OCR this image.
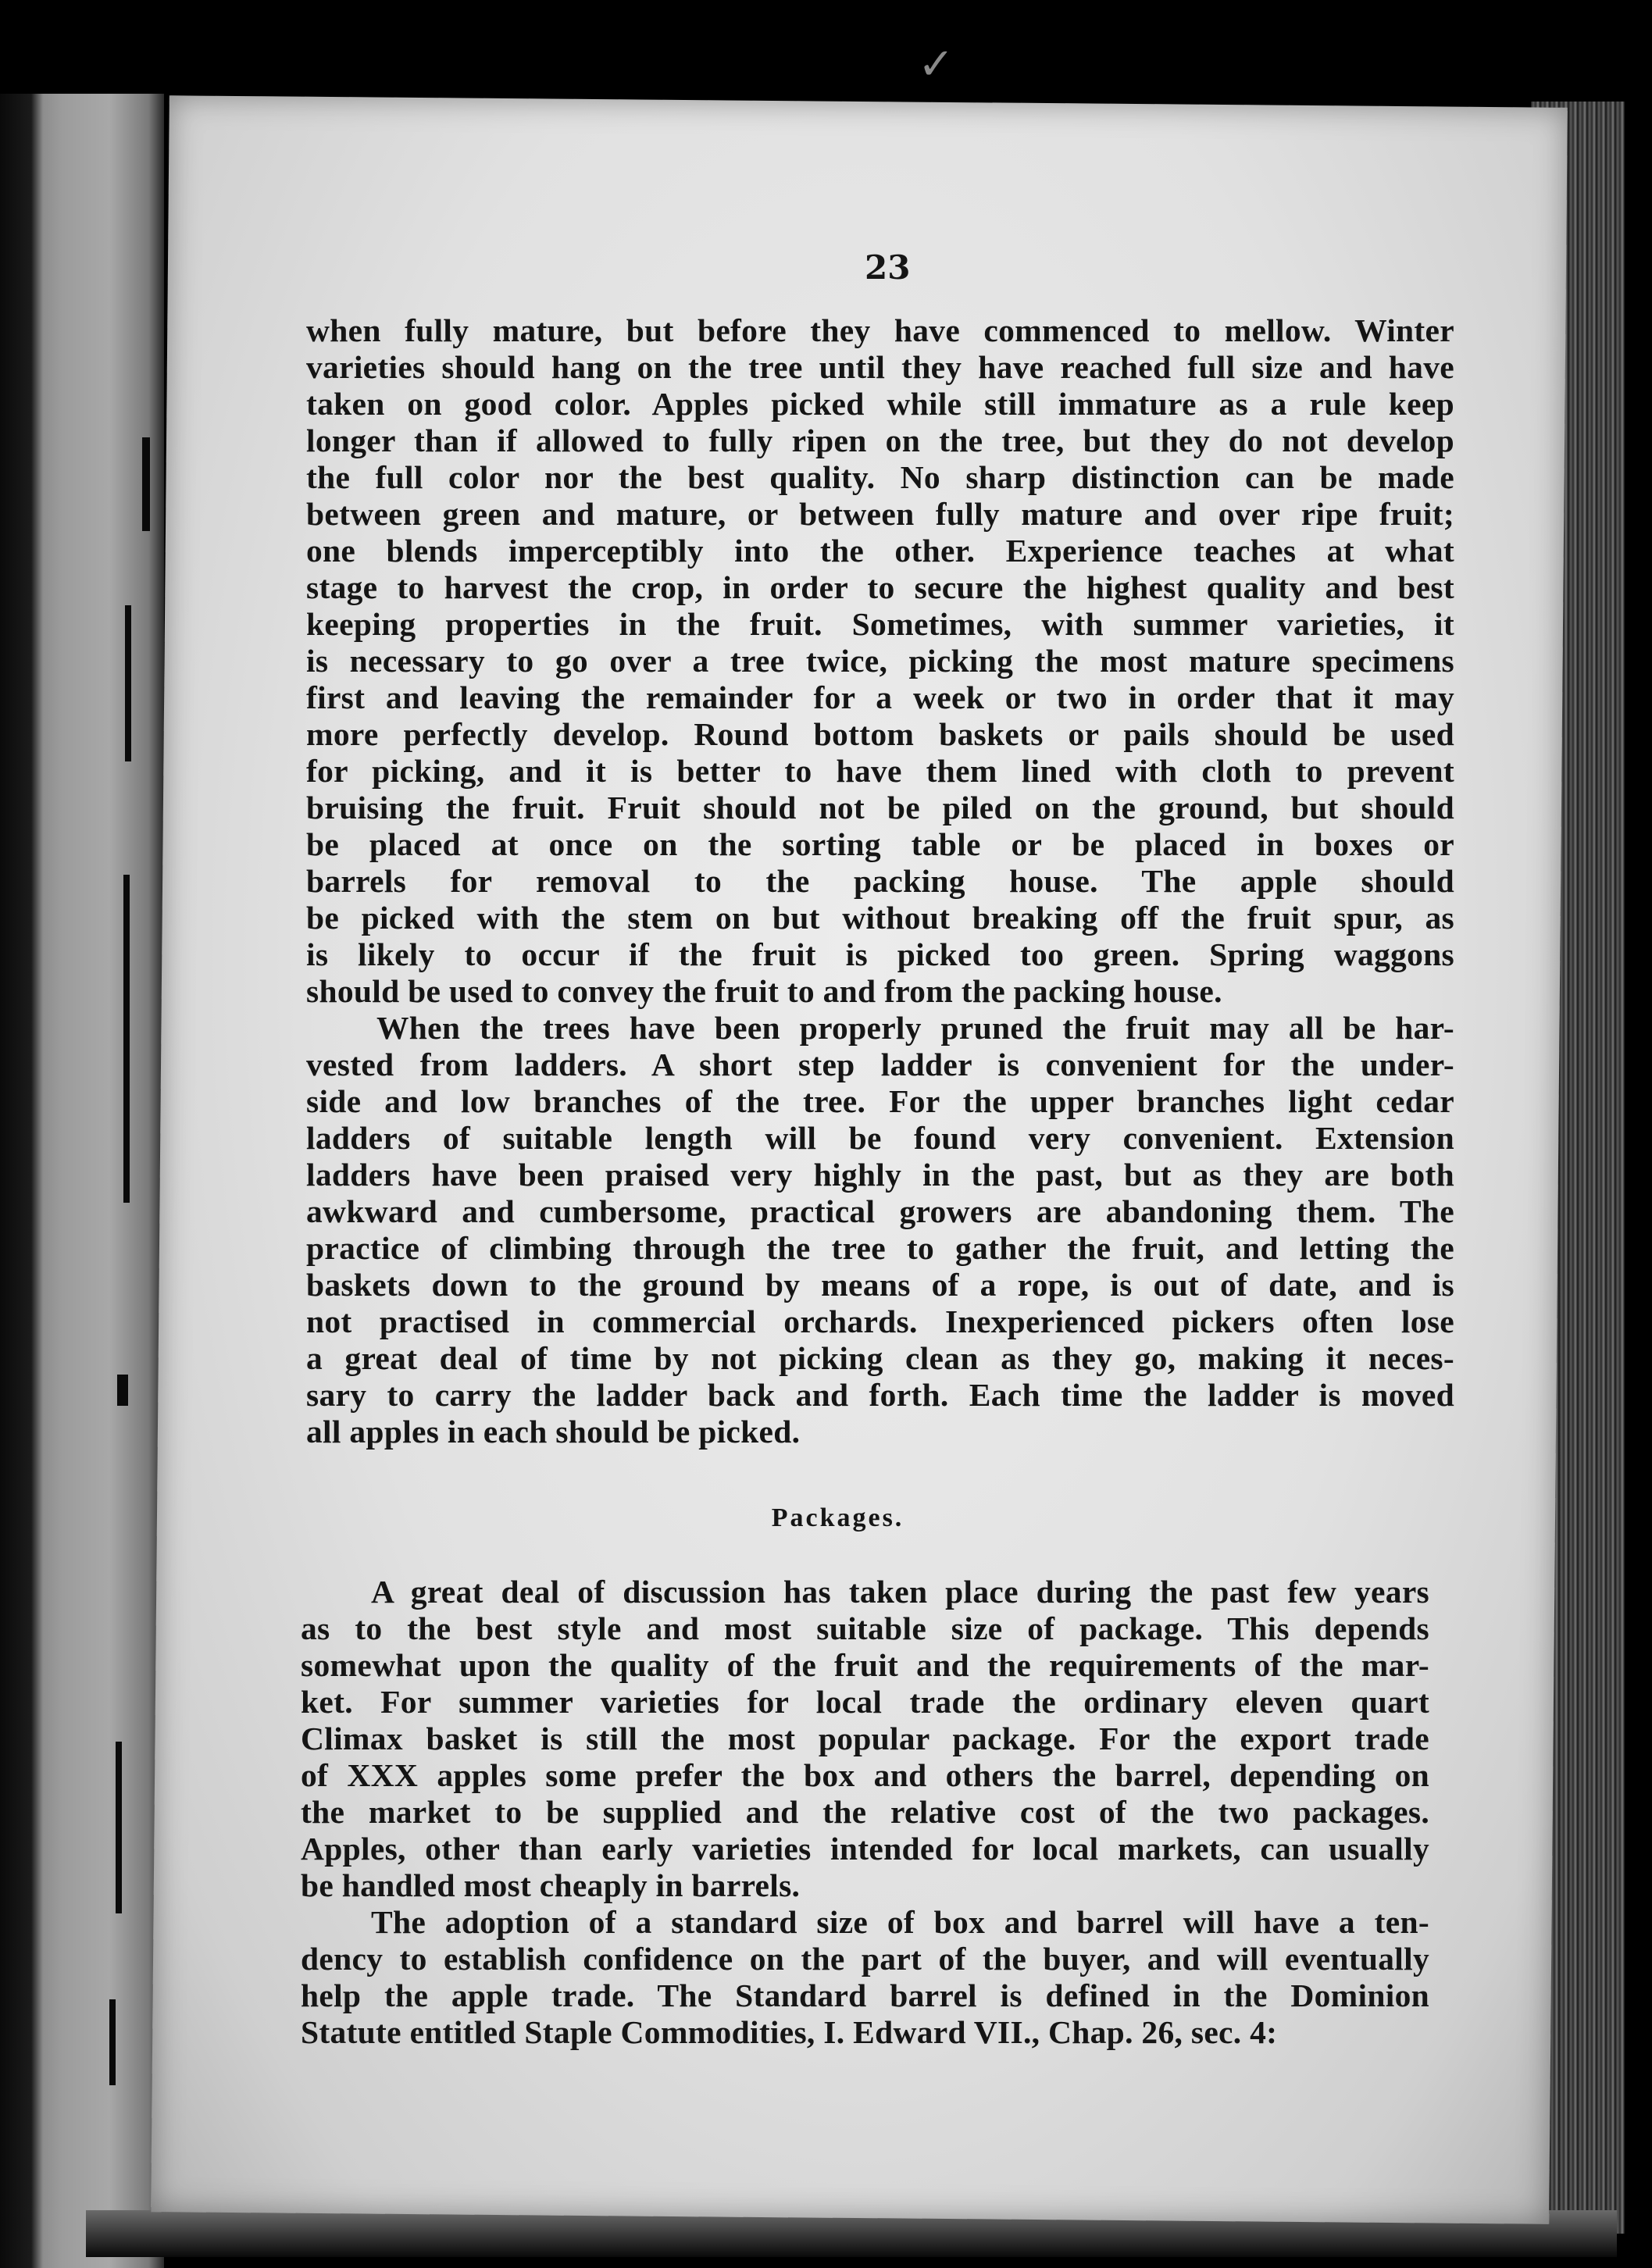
✓
23
when fully mature, but before they have commenced to mellow. Winter
varieties should hang on the tree until they have reached full size and have
taken on good color. Apples picked while still immature as a rule keep
longer than if allowed to fully ripen on the tree, but they do not develop
the full color nor the best quality. No sharp distinction can be made
between green and mature, or between fully mature and over ripe fruit;
one blends imperceptibly into the other. Experience teaches at what
stage to harvest the crop, in order to secure the highest quality and best
keeping properties in the fruit. Sometimes, with summer varieties, it
is necessary to go over a tree twice, picking the most mature specimens
first and leaving the remainder for a week or two in order that it may
more perfectly develop. Round bottom baskets or pails should be used
for picking, and it is better to have them lined with cloth to prevent
bruising the fruit. Fruit should not be piled on the ground, but should
be placed at once on the sorting table or be placed in boxes or
barrels for removal to the packing house. The apple should
be picked with the stem on but without breaking off the fruit spur, as
is likely to occur if the fruit is picked too green. Spring waggons
should be used to convey the fruit to and from the packing house.
When the trees have been properly pruned the fruit may all be har-
vested from ladders. A short step ladder is convenient for the under-
side and low branches of the tree. For the upper branches light cedar
ladders of suitable length will be found very convenient. Extension
ladders have been praised very highly in the past, but as they are both
awkward and cumbersome, practical growers are abandoning them. The
practice of climbing through the tree to gather the fruit, and letting the
baskets down to the ground by means of a rope, is out of date, and is
not practised in commercial orchards. Inexperienced pickers often lose
a great deal of time by not picking clean as they go, making it neces-
sary to carry the ladder back and forth. Each time the ladder is moved
all apples in each should be picked.
Packages.
A great deal of discussion has taken place during the past few years
as to the best style and most suitable size of package. This depends
somewhat upon the quality of the fruit and the requirements of the mar-
ket. For summer varieties for local trade the ordinary eleven quart
Climax basket is still the most popular package. For the export trade
of XXX apples some prefer the box and others the barrel, depending on
the market to be supplied and the relative cost of the two packages.
Apples, other than early varieties intended for local markets, can usually
be handled most cheaply in barrels.
The adoption of a standard size of box and barrel will have a ten-
dency to establish confidence on the part of the buyer, and will eventually
help the apple trade. The Standard barrel is defined in the Dominion
Statute entitled Staple Commodities, I. Edward VII., Chap. 26, sec. 4:
